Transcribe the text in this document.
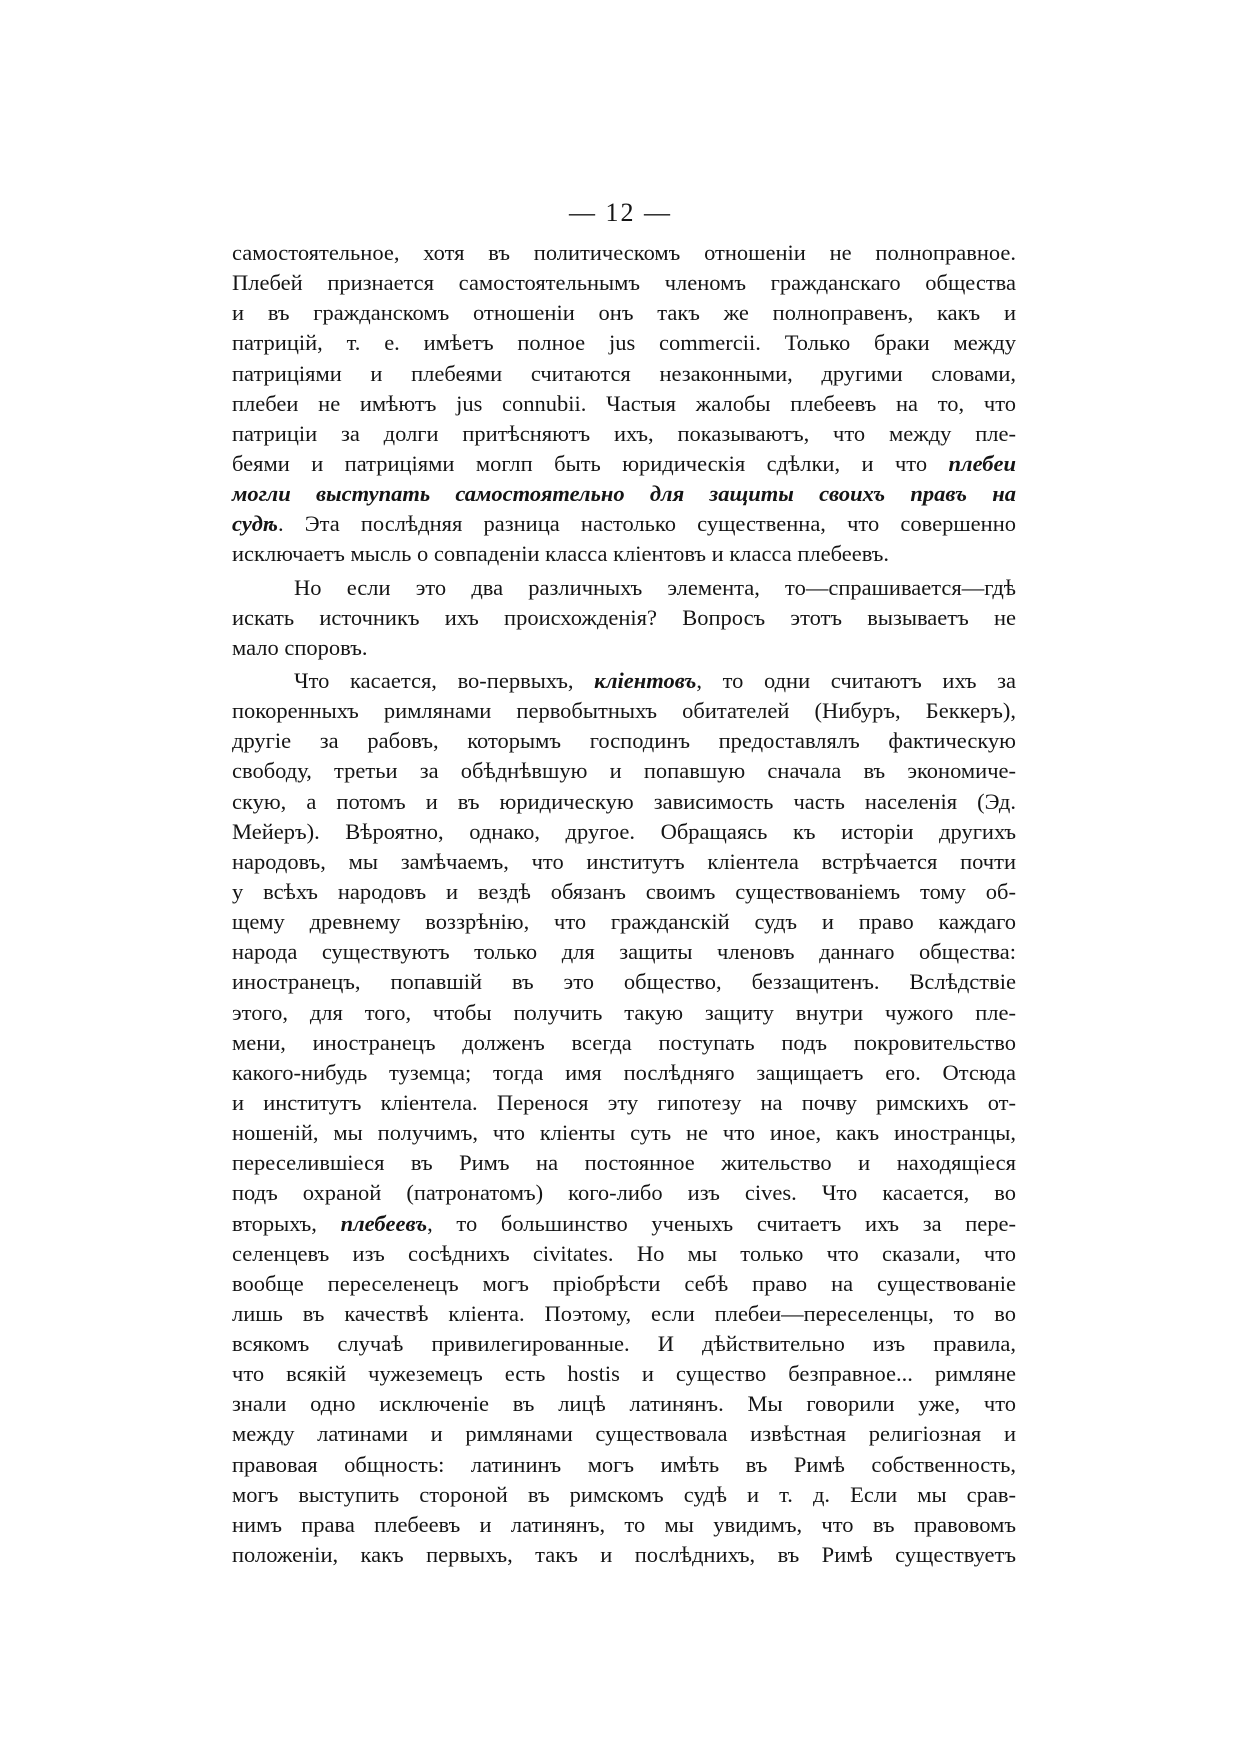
— 12 —
самостоятельное, хотя въ политическомъ отношеніи не полноправное.
Плебей признается самостоятельнымъ членомъ гражданскаго общества
и въ гражданскомъ отношеніи онъ такъ же полноправенъ, какъ и
патрицій, т. е. имѣетъ полное jus commercii. Только браки между
патриціями и плебеями считаются незаконными, другими словами,
плебеи не имѣютъ jus connubii. Частыя жалобы плебеевъ на то, что
патриціи за долги притѣсняютъ ихъ, показываютъ, что между пле-
беями и патриціями моглп быть юридическія сдѣлки, и что плебеи
могли выступать самостоятельно для защиты своихъ правъ на
судѣ. Эта послѣдняя разница настолько существенна, что совершенно
исключаетъ мысль о совпаденіи класса кліентовъ и класса плебеевъ.
Но если это два различныхъ элемента, то—спрашивается—гдѣ
искать источникъ ихъ происхожденія? Вопросъ этотъ вызываетъ не
мало споровъ.
Что касается, во-первыхъ, кліентовъ, то одни считаютъ ихъ за
покоренныхъ римлянами первобытныхъ обитателей (Нибуръ, Беккеръ),
другіе за рабовъ, которымъ господинъ предоставлялъ фактическую
свободу, третьи за обѣднѣвшую и попавшую сначала въ экономиче-
скую, а потомъ и въ юридическую зависимость часть населенія (Эд.
Мейеръ). Вѣроятно, однако, другое. Обращаясь къ исторіи другихъ
народовъ, мы замѣчаемъ, что институтъ кліентела встрѣчается почти
у всѣхъ народовъ и вездѣ обязанъ своимъ существованіемъ тому об-
щему древнему воззрѣнію, что гражданскій судъ и право каждаго
народа существуютъ только для защиты членовъ даннаго общества:
иностранецъ, попавшій въ это общество, беззащитенъ. Вслѣдствіе
этого, для того, чтобы получить такую защиту внутри чужого пле-
мени, иностранецъ долженъ всегда поступать подъ покровительство
какого-нибудь туземца; тогда имя послѣдняго защищаетъ его. Отсюда
и институтъ кліентела. Перенося эту гипотезу на почву римскихъ от-
ношеній, мы получимъ, что кліенты суть не что иное, какъ иностранцы,
переселившіеся въ Римъ на постоянное жительство и находящіеся
подъ охраной (патронатомъ) кого-либо изъ cives. Что касается, во
вторыхъ, плебеевъ, то большинство ученыхъ считаетъ ихъ за пере-
селенцевъ изъ сосѣднихъ civitates. Но мы только что сказали, что
вообще переселенецъ могъ пріобрѣсти себѣ право на существованіе
лишь въ качествѣ кліента. Поэтому, если плебеи—переселенцы, то во
всякомъ случаѣ привилегированные. И дѣйствительно изъ правила,
что всякій чужеземецъ есть hostis и существо безправное... римляне
знали одно исключеніе въ лицѣ латинянъ. Мы говорили уже, что
между латинами и римлянами существовала извѣстная религіозная и
правовая общность: латининъ могъ имѣть въ Римѣ собственность,
могъ выступить стороной въ римскомъ судѣ и т. д. Если мы срав-
нимъ права плебеевъ и латинянъ, то мы увидимъ, что въ правовомъ
положеніи, какъ первыхъ, такъ и послѣднихъ, въ Римѣ существуетъ
